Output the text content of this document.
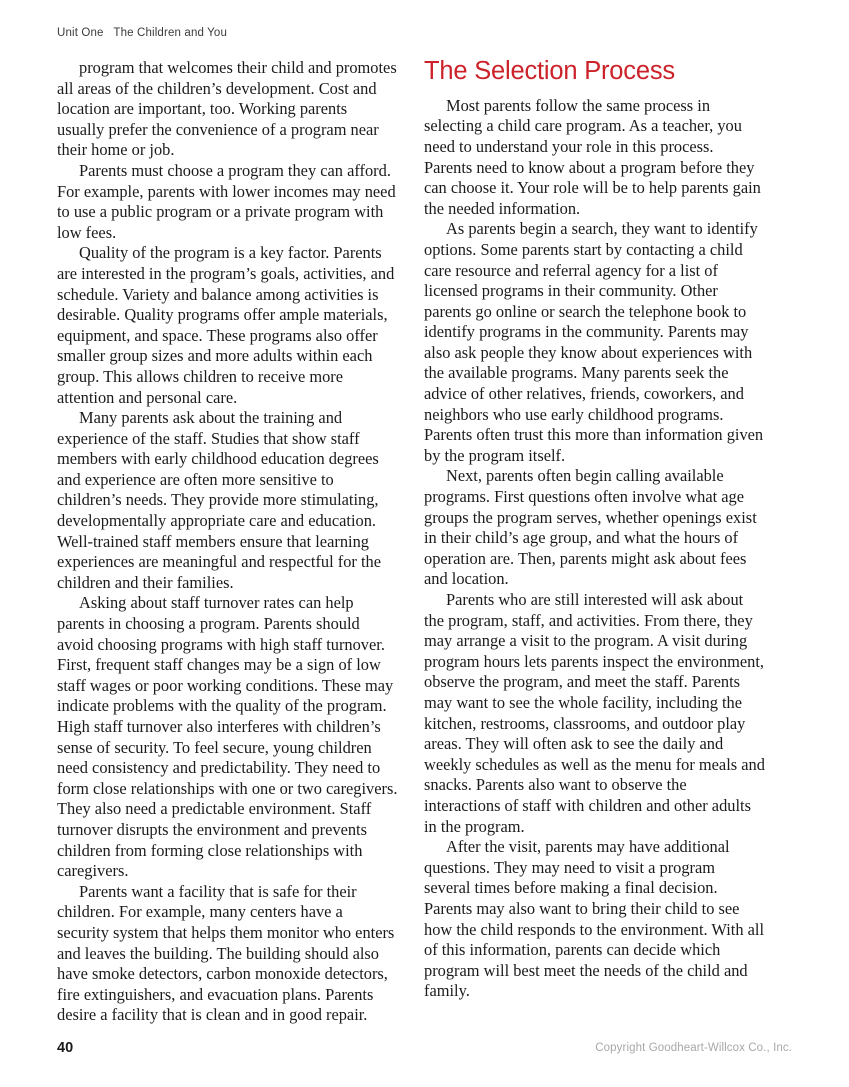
Unit One   The Children and You

program that welcomes their child and promotes all areas of the children’s development. Cost and location are important, too. Working parents usually prefer the convenience of a program near their home or job.

Parents must choose a program they can afford. For example, parents with lower incomes may need to use a public program or a private program with low fees.

Quality of the program is a key factor. Parents are interested in the program’s goals, activities, and schedule. Variety and balance among activities is desirable. Quality programs offer ample materials, equipment, and space. These programs also offer smaller group sizes and more adults within each group. This allows children to receive more attention and personal care.

Many parents ask about the training and experience of the staff. Studies that show staff members with early childhood education degrees and experience are often more sensitive to children’s needs. They provide more stimulating, developmentally appropriate care and education. Well-trained staff members ensure that learning experiences are meaningful and respectful for the children and their families.

Asking about staff turnover rates can help parents in choosing a program. Parents should avoid choosing programs with high staff turnover. First, frequent staff changes may be a sign of low staff wages or poor working conditions. These may indicate problems with the quality of the program. High staff turnover also interferes with children’s sense of security. To feel secure, young children need consistency and predictability. They need to form close relationships with one or two caregivers. They also need a predictable environment. Staff turnover disrupts the environment and prevents children from forming close relationships with caregivers.

Parents want a facility that is safe for their children. For example, many centers have a security system that helps them monitor who enters and leaves the building. The building should also have smoke detectors, carbon monoxide detectors, fire extinguishers, and evacuation plans. Parents desire a facility that is clean and in good repair.

The Selection Process

Most parents follow the same process in selecting a child care program. As a teacher, you need to understand your role in this process. Parents need to know about a program before they can choose it. Your role will be to help parents gain the needed information.

As parents begin a search, they want to identify options. Some parents start by contacting a child care resource and referral agency for a list of licensed programs in their community. Other parents go online or search the telephone book to identify programs in the community. Parents may also ask people they know about experiences with the available programs. Many parents seek the advice of other relatives, friends, coworkers, and neighbors who use early childhood programs. Parents often trust this more than information given by the program itself.

Next, parents often begin calling available programs. First questions often involve what age groups the program serves, whether openings exist in their child’s age group, and what the hours of operation are. Then, parents might ask about fees and location.

Parents who are still interested will ask about the program, staff, and activities. From there, they may arrange a visit to the program. A visit during program hours lets parents inspect the environment, observe the program, and meet the staff. Parents may want to see the whole facility, including the kitchen, restrooms, classrooms, and outdoor play areas. They will often ask to see the daily and weekly schedules as well as the menu for meals and snacks. Parents also want to observe the interactions of staff with children and other adults in the program.

After the visit, parents may have additional questions. They may need to visit a program several times before making a final decision. Parents may also want to bring their child to see how the child responds to the environment. With all of this information, parents can decide which program will best meet the needs of the child and family.

40	Copyright Goodheart-Willcox Co., Inc.
